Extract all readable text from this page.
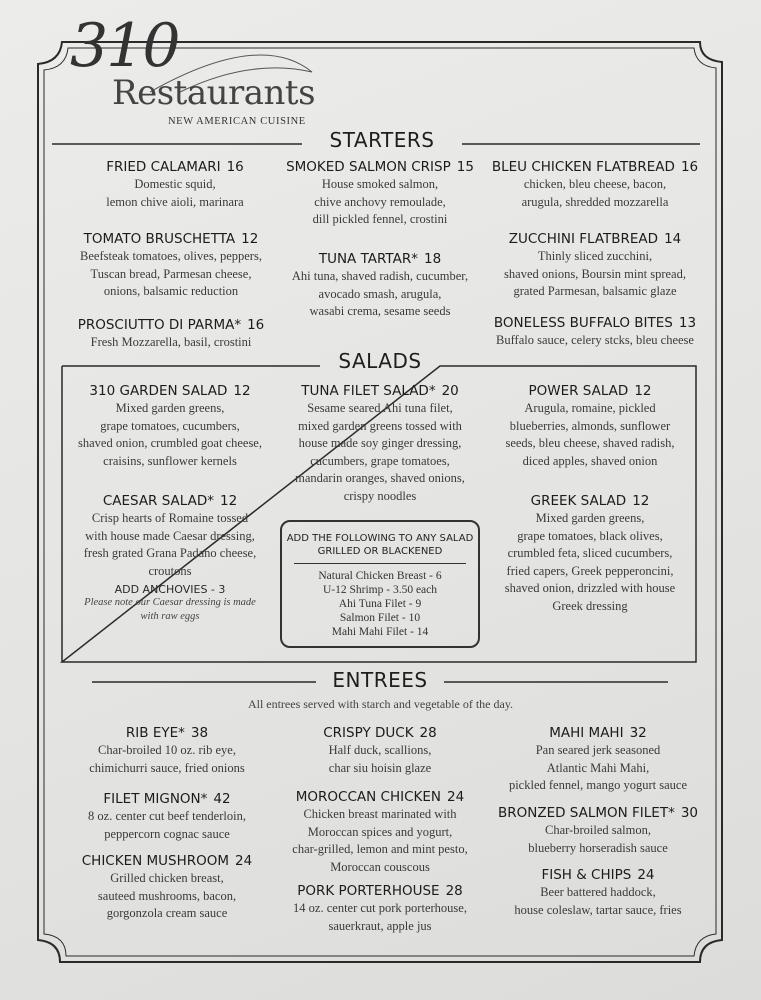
310
Restaurants
NEW AMERICAN CUISINE
STARTERS
FRIED CALAMARI 16
Domestic squid,
lemon chive aioli, marinara
SMOKED SALMON CRISP 15
House smoked salmon,
chive anchovy remoulade,
dill pickled fennel, crostini
BLEU CHICKEN FLATBREAD 16
chicken, bleu cheese, bacon,
arugula, shredded mozzarella
TOMATO BRUSCHETTA 12
Beefsteak tomatoes, olives, peppers,
Tuscan bread, Parmesan cheese,
onions, balsamic reduction
TUNA TARTAR* 18
Ahi tuna, shaved radish, cucumber,
avocado smash, arugula,
wasabi crema, sesame seeds
ZUCCHINI FLATBREAD 14
Thinly sliced zucchini,
shaved onions, Boursin mint spread,
grated Parmesan, balsamic glaze
PROSCIUTTO DI PARMA* 16
Fresh Mozzarella, basil, crostini
BONELESS BUFFALO BITES 13
Buffalo sauce, celery stcks, bleu cheese
SALADS
310 GARDEN SALAD 12
Mixed garden greens,
grape tomatoes, cucumbers,
shaved onion, crumbled goat cheese,
craisins, sunflower kernels
TUNA FILET SALAD* 20
Sesame seared Ahi tuna filet,
mixed garden greens tossed with
house made soy ginger dressing,
cucumbers, grape tomatoes,
mandarin oranges, shaved onions,
crispy noodles
POWER SALAD 12
Arugula, romaine, pickled
blueberries, almonds, sunflower
seeds, bleu cheese, shaved radish,
diced apples, shaved onion
CAESAR SALAD* 12
Crisp hearts of Romaine tossed
with house made Caesar dressing,
fresh grated Grana Padano cheese,
croutons
ADD ANCHOVIES - 3
Please note our Caesar dressing is made
with raw eggs
GREEK SALAD 12
Mixed garden greens,
grape tomatoes, black olives,
crumbled feta, sliced cucumbers,
fried capers, Greek pepperoncini,
shaved onion, drizzled with house
Greek dressing
ADD THE FOLLOWING TO ANY SALAD
GRILLED OR BLACKENED
Natural Chicken Breast - 6
U-12 Shrimp - 3.50 each
Ahi Tuna Filet - 9
Salmon Filet - 10
Mahi Mahi Filet - 14
ENTREES
All entrees served with starch and vegetable of the day.
RIB EYE* 38
Char-broiled 10 oz. rib eye,
chimichurri sauce, fried onions
CRISPY DUCK 28
Half duck, scallions,
char siu hoisin glaze
MAHI MAHI 32
Pan seared jerk seasoned
Atlantic Mahi Mahi,
pickled fennel, mango yogurt sauce
FILET MIGNON* 42
8 oz. center cut beef tenderloin,
peppercorn cognac sauce
MOROCCAN CHICKEN 24
Chicken breast marinated with
Moroccan spices and yogurt,
char-grilled, lemon and mint pesto,
Moroccan couscous
BRONZED SALMON FILET* 30
Char-broiled salmon,
blueberry horseradish sauce
CHICKEN MUSHROOM 24
Grilled chicken breast,
sauteed mushrooms, bacon,
gorgonzola cream sauce
PORK PORTERHOUSE 28
14 oz. center cut pork porterhouse,
sauerkraut, apple jus
FISH & CHIPS 24
Beer battered haddock,
house coleslaw, tartar sauce, fries
